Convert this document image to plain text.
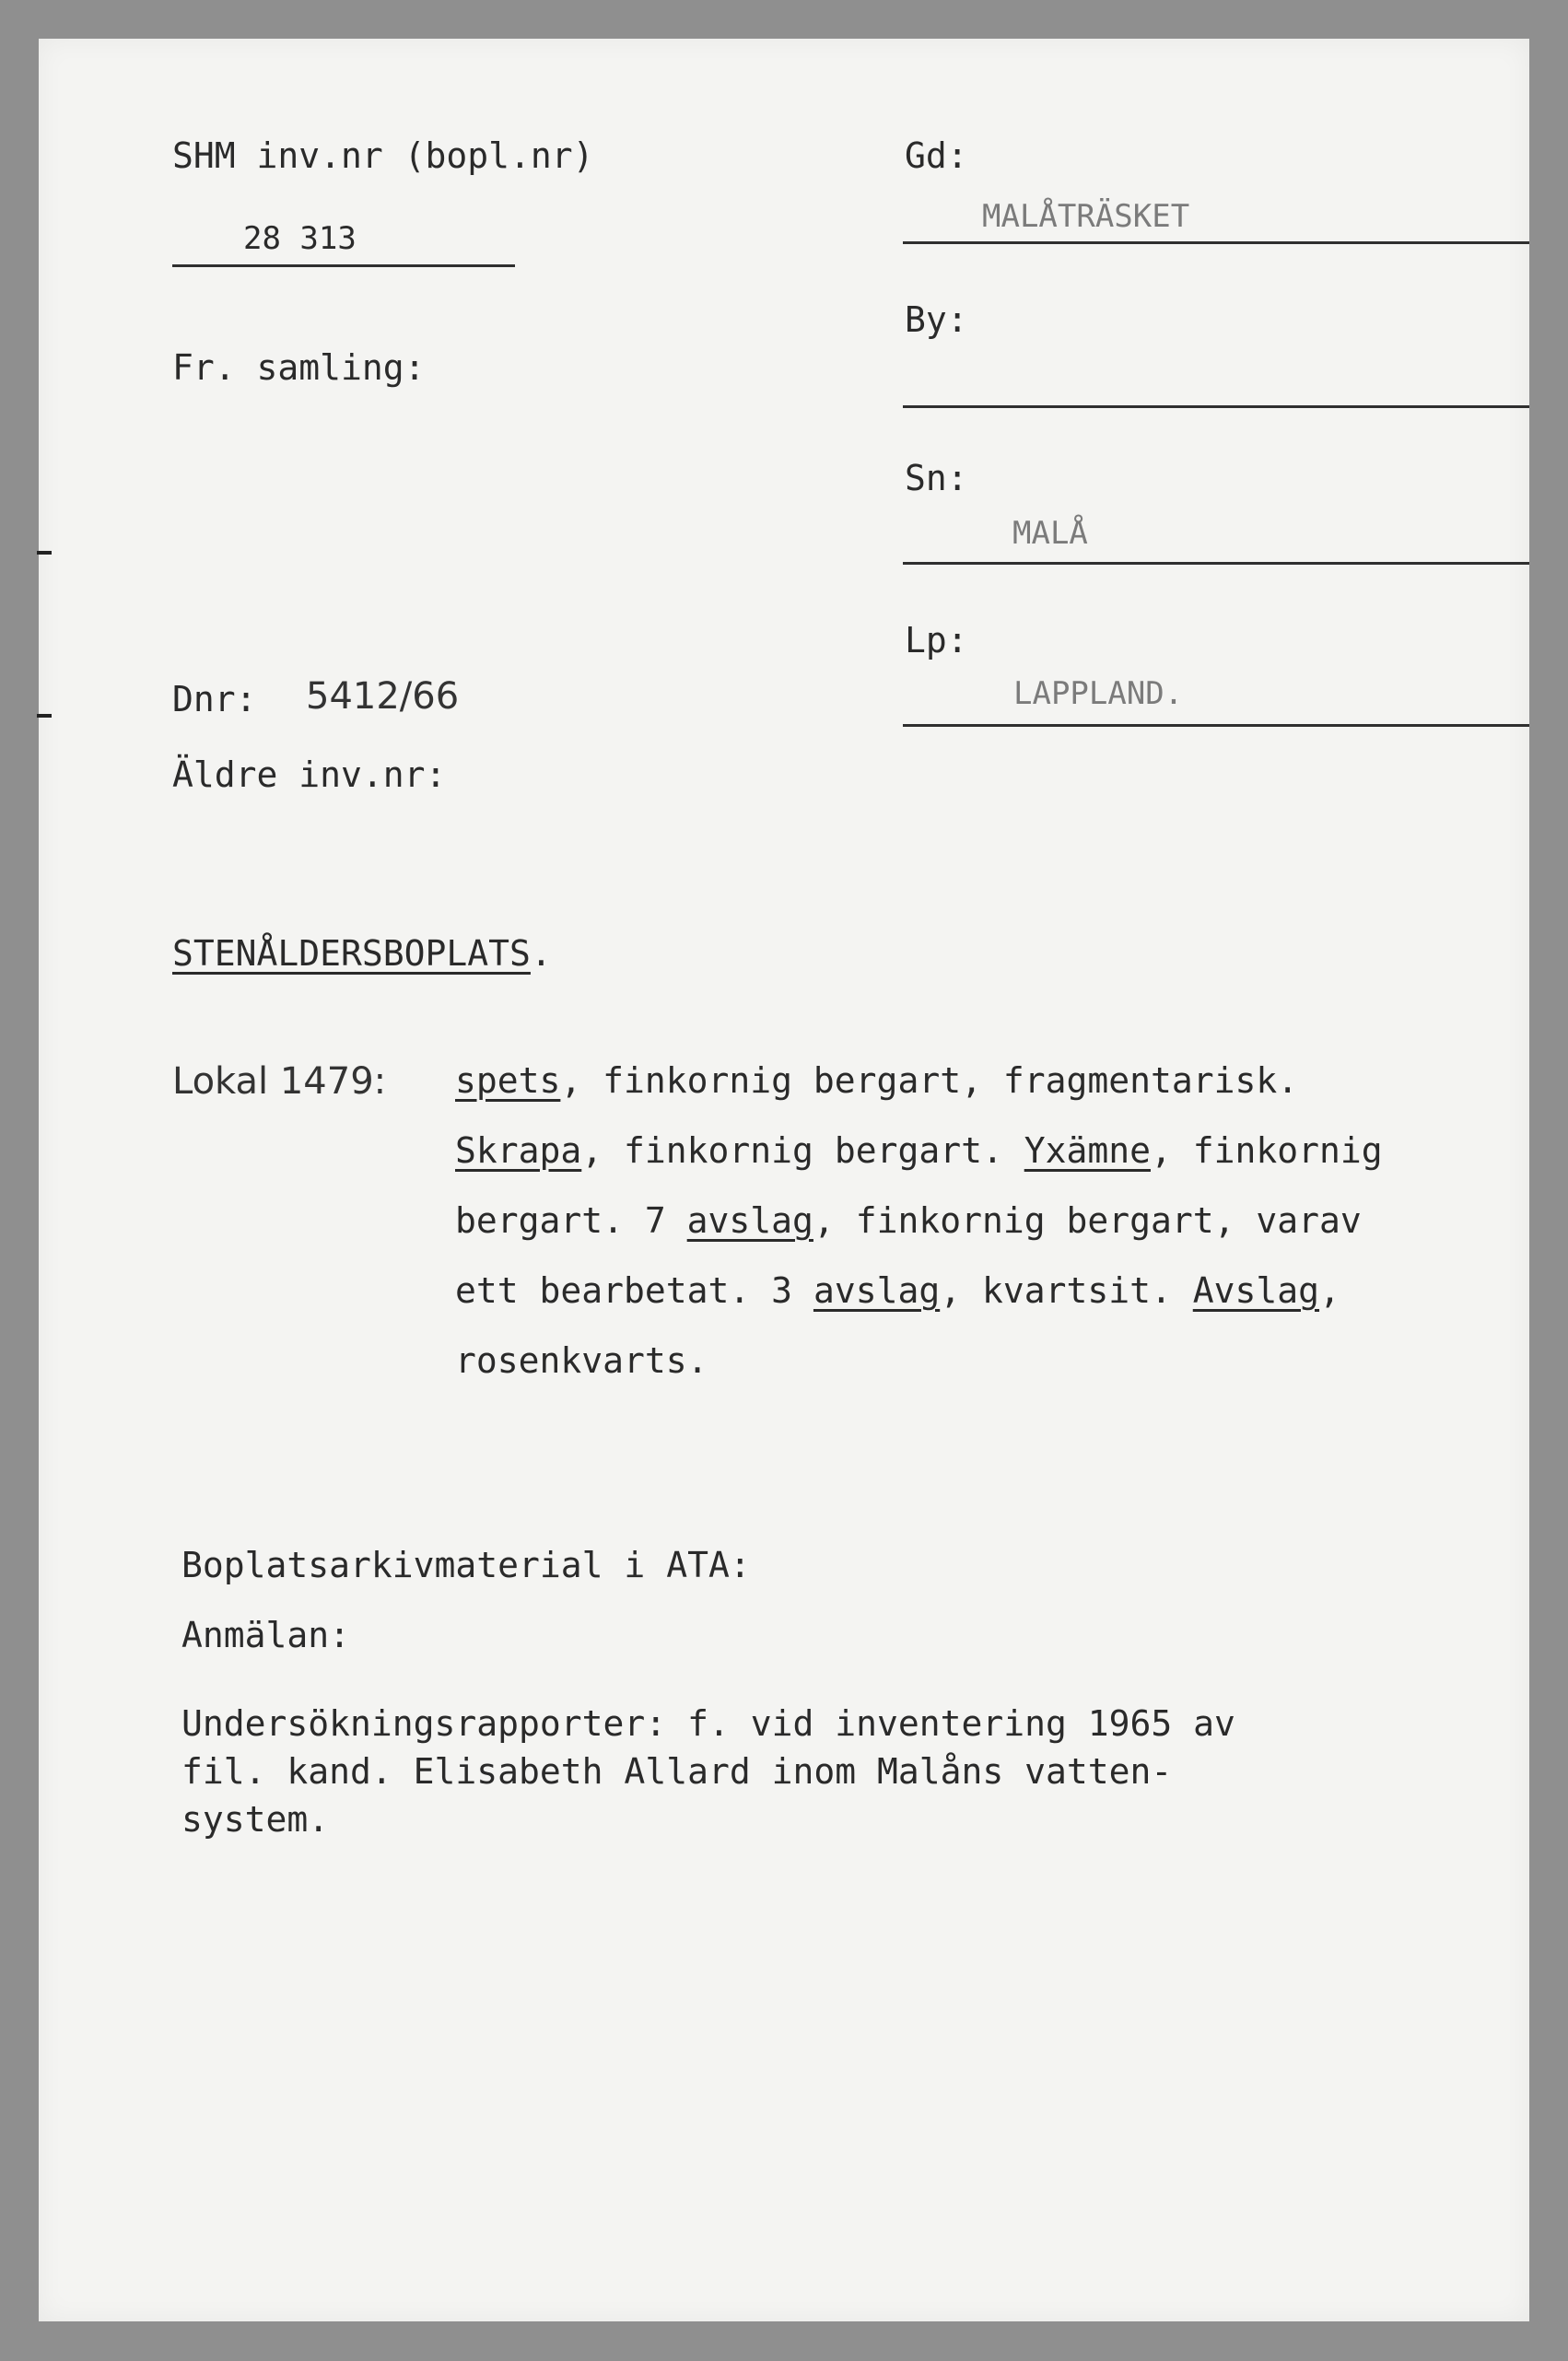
SHM inv.nr (bopl.nr)
28 313
Fr. samling:
Dnr: 5412/66
Äldre inv.nr:
Gd:
MALÅTRÄSKET
By:
Sn:
MALÅ
Lp:
LAPPLAND.
STENÅLDERSBOPLATS.
Lokal 1479: spets, finkornig bergart, fragmentarisk.
Skrapa, finkornig bergart. Yxämne, finkornig
bergart. 7 avslag, finkornig bergart, varav
ett bearbetat. 3 avslag, kvartsit. Avslag,
rosenkvarts.
Boplatsarkivmaterial i ATA:
Anmälan:
Undersökningsrapporter: f. vid inventering 1965 av
fil. kand. Elisabeth Allard inom Malåns vatten-
system.
